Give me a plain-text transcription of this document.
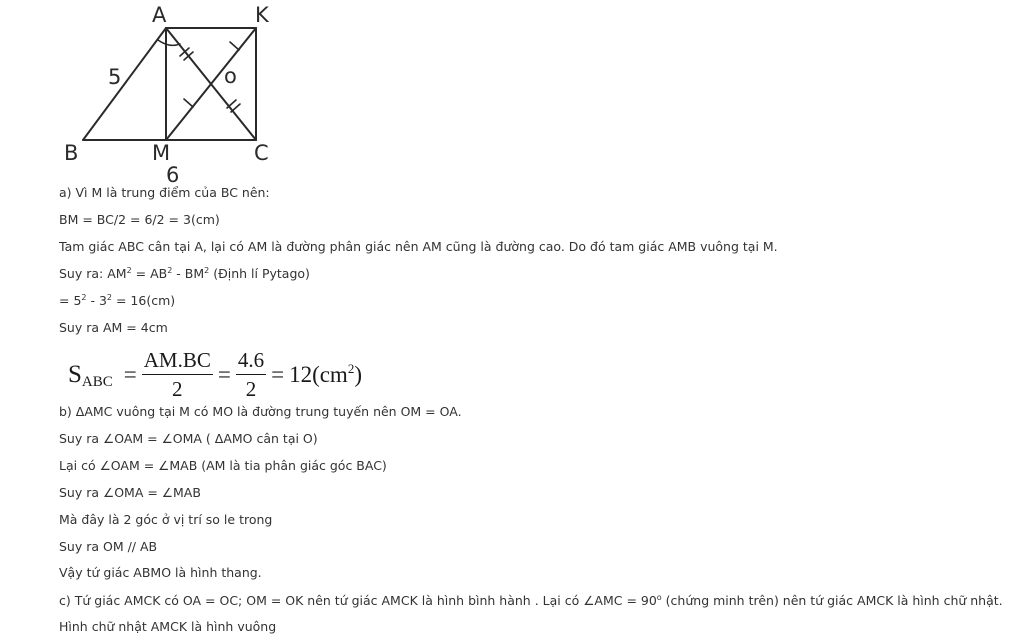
A	K
B	M	C
o
5
6

a) Vì M là trung điểm của BC nên:

BM = BC/2 = 6/2 = 3(cm)

Tam giác ABC cân tại A, lại có AM là đường phân giác nên AM cũng là đường cao. Do đó tam giác AMB vuông tại M.

Suy ra: $AM^2 = AB^2 - BM^2$ (Định lí Pytago)

= $5^2 - 3^2 = 16(cm)$

Suy ra AM = 4cm

S ABC = $\frac{AM.BC}{2} = \frac{4.6}{2} = 12(cm^2)$

b) ΔAMC vuông tại M có MO là đường trung tuyến nên OM = OA.

Suy ra ∠OAM = ∠OMA ( ΔAMO cân tại O)

Lại có ∠OAM = ∠MAB (AM là tia phân giác góc BAC)

Suy ra ∠OMA = ∠MAB

Mà đây là 2 góc ở vị trí so le trong

Suy ra OM // AB

Vậy tứ giác ABMO là hình thang.

c) Tứ giác AMCK có OA = OC; OM = OK nên tứ giác AMCK là hình bình hành . Lại có ∠AMC = $90^o$ (chứng minh trên) nên tứ giác AMCK là hình chữ nhật.

Hình chữ nhật AMCK là hình vuông
